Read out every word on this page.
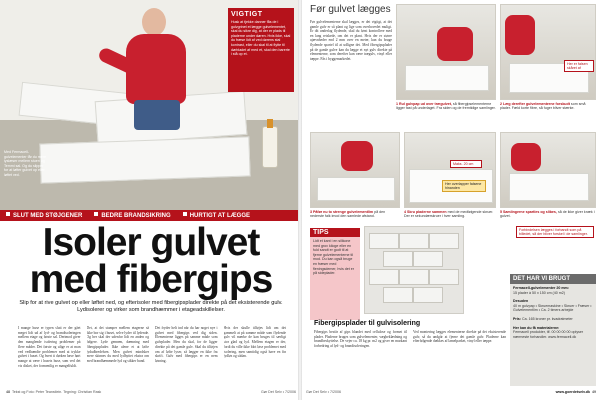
Med Fermacell-gulvelementer får du mere lyslæser mellem stuen og Temmi sal. Og du slipper for at løfter gulvet op eller løftet ved.
VIGTIGT

Husk at tjekke danner fås de i gulvgrinet et lægge gulvelementet, skal du sikre dig, at der er plads til pladerne under døren. Hvis ikke, skal du fræse lidt af ved dørens stal kontrast, eller du skal til at flytte til dørbladet af med et, skal den barerte i stå op et.

SLUT MED STØJGENER	BEDRE BRANDSIKRING	HURTIGT AT LÆGGE
Isoler gulvet
med fibergips
Slip for at rive gulvet op eller løftet ned, og efterisoler med fibergipsplader direkte på det eksisterende gulv. Lydisolerer og virker som brandhæmmer i etageadskillelser.
I mange huse er typen slutt er der gået meget lidt ud af lyd- og brandisoleringen mellem etage og første sal. Derimod giver den manglende isolering problemer på flere måder. Det første og ulige er at man ved vedhændte problemer med at trykke gulvet i huset. Og hvert ti dørken have hørt mange at være i husets huse, som ved det vis disket, der formentlig er mangelfuldt.
Det, at det stamper mellem etagerne så ikke bor sig i huset, selve lyder til lydende. Og her skal der udenfor lidt en anden og følgere. Lyde gennem, dæmning med fibergipsplader. Ikke alene et at løfte lydudbredelsen. Men gulvet mindsker mere skinnes du med lydhyttet ekstra om med brandhæmmede lyd og sikker bund.
Det fryder helt ind når du har noget nye i gulvet med fibergips ved dig siden. Elementerne ligges på samme måde som gulvplader. Men du skal, for de ligger direkte på det gamle gulv. Skal du tilføjen om af løfte lyser, så lægger en ikke fra skrift. Gulv med fibergips er en nem løsning.
Hvis der skulle tilføjes lidt om det gammelt at på samme måde som flydende gulv vil mærke de kan bruges til særligt stor glad og lyd. Mellem etagen er der, fordi du ville ikke blot løse problemet med isolering, men samtidig også have en fin lydløs og sådan.
48 Tekst og Foto: Peter Teanstlein. Tegning: Christian Rask	Gør Det Selv • 7/2006
Før gulvet lægges
Før gulvelementerne skal lægges, er det vigtigt, at det gamle gulv er så plant og lige som overhovedet muligt. Er dit underlag flydende, skal du først kontrollere med en lang retskede, om det er plant. Hvis der er større ujævnheder end 2 mm over en meter, kan du bruge flydende spartel til at udligne det. Med fibergipsplader på de gamle gulve kan du lægge et nyt gulv direkte på elementerne, som derefter kan være trægulv, vinyl eller tæppe. Fås i byggemarkedet.
1 Rul gulvpap ud over trægulvet, så fibergipselementerne ligger fast på underlaget. Fra siden og de fremtidige samlinger.
Her er falsen skåret af
2 Læg derefter gulvelementerne forskudt som små plader. Fæld korte fibre, så fuger bliver stærke.
3 Påfør nu to strenge gulvelementlim på den nederste falk imod den samlede afstand.
Maks. 20 cm
Her overlapper falsene hinanden
4 Skru pladerne sammen med de medfølgende skruer. Der er sekundærskruer i hver samling.
5 Samlingerne spartles og slibes, så de ikke giver knæk i gulvet.
Forbindelsen lægges i forbandt som på billedet, så der bliver forskel i de samlinger.
TIPS

Lidt et kant i en silikone med grov kiloge eller en fuld sandt er godt til at fjerne gulvelementerne til mod. Du kan også bruge en fræser med fleningsdemer, hvis det er på sideplader.

Fibergipsplader til gulvisolering
Fibergips består af gips blandet med cellulose og formet til plader. Pladerne bruges som gulvelementer, vægbeklædning og brandbeskyttelse. De vejer ca. 18 kg pr. m2 og giver en markant forbedring af lyd- og brandisoleringen.
Ved montering lægges elementerne direkte på det eksisterende gulv, så du undgår at fjerne det gamle gulv. Pladerne kan efterfølgende dækkes af lamelparket, vinyl eller tæppe.
DET HAR VI BRUGT
Fermacell-gulvelementer 20 mm:
15 plader à 50 x 150 cm (40 m2)
Desuden
40 m gulvpap • Skruemaskine • Skruer • Fræser • Gulvelementlim • Ca. 2 timers arbejde
Pris: Ca. 165 kroner pr. kvadratmeter
Her kan du få materialerne:
Fermacell produkter, tlf. 00 00 00 00 oplyser nærmeste forhandler. www.fermacell.dk
Gør Det Selv • 7/2006	www.goerdetselv.dk 49
